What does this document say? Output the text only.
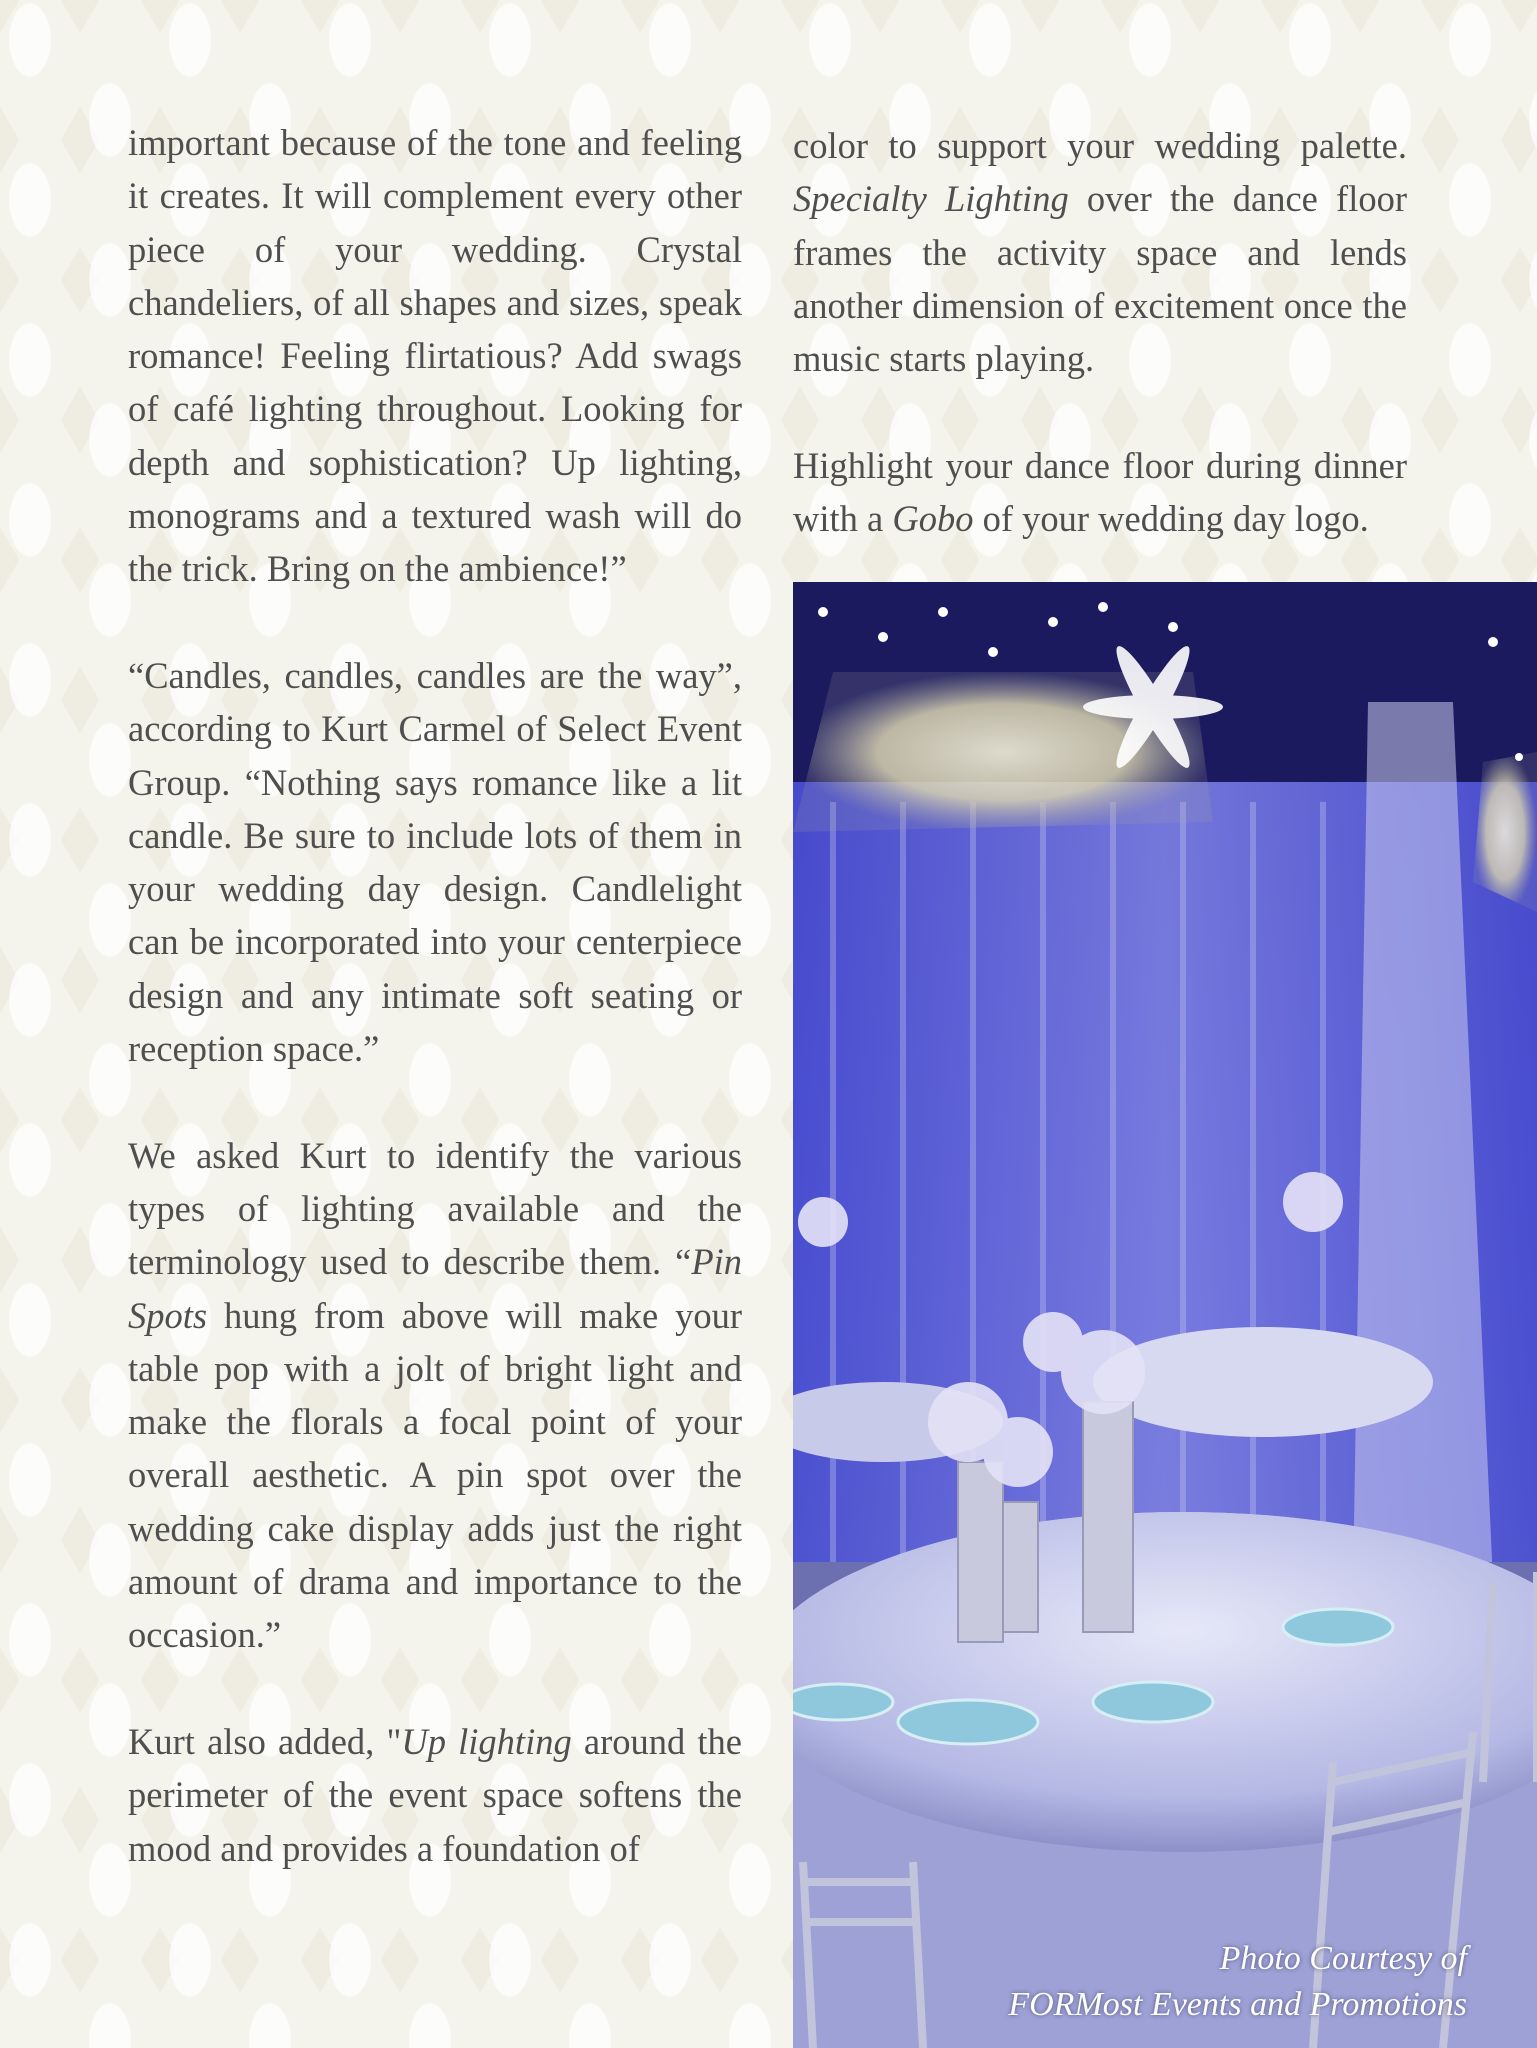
important because of the tone and feeling it creates. It will complement every other piece of your wedding. Crystal chandeliers, of all shapes and sizes, speak romance! Feeling flirtatious? Add swags of café lighting throughout. Looking for depth and sophistication? Up lighting, monograms and a textured wash will do the trick. Bring on the ambience!”

“Candles, candles, candles are the way”, according to Kurt Carmel of Select Event Group. “Nothing says romance like a lit candle. Be sure to include lots of them in your wedding day design. Candlelight can be incorporated into your centerpiece design and any intimate soft seating or reception space.”

We asked Kurt to identify the various types of lighting available and the terminology used to describe them. “Pin Spots hung from above will make your table pop with a jolt of bright light and make the florals a focal point of your overall aesthetic. A pin spot over the wedding cake display adds just the right amount of drama and importance to the occasion.”

Kurt also added, "Up lighting around the perimeter of the event space softens the mood and provides a foundation of

color to support your wedding palette. Specialty Lighting over the dance floor frames the activity space and lends another dimension of excitement once the music starts playing.

Highlight your dance floor during dinner with a Gobo of your wedding day logo.

Photo Courtesy of
FORMost Events and Promotions
